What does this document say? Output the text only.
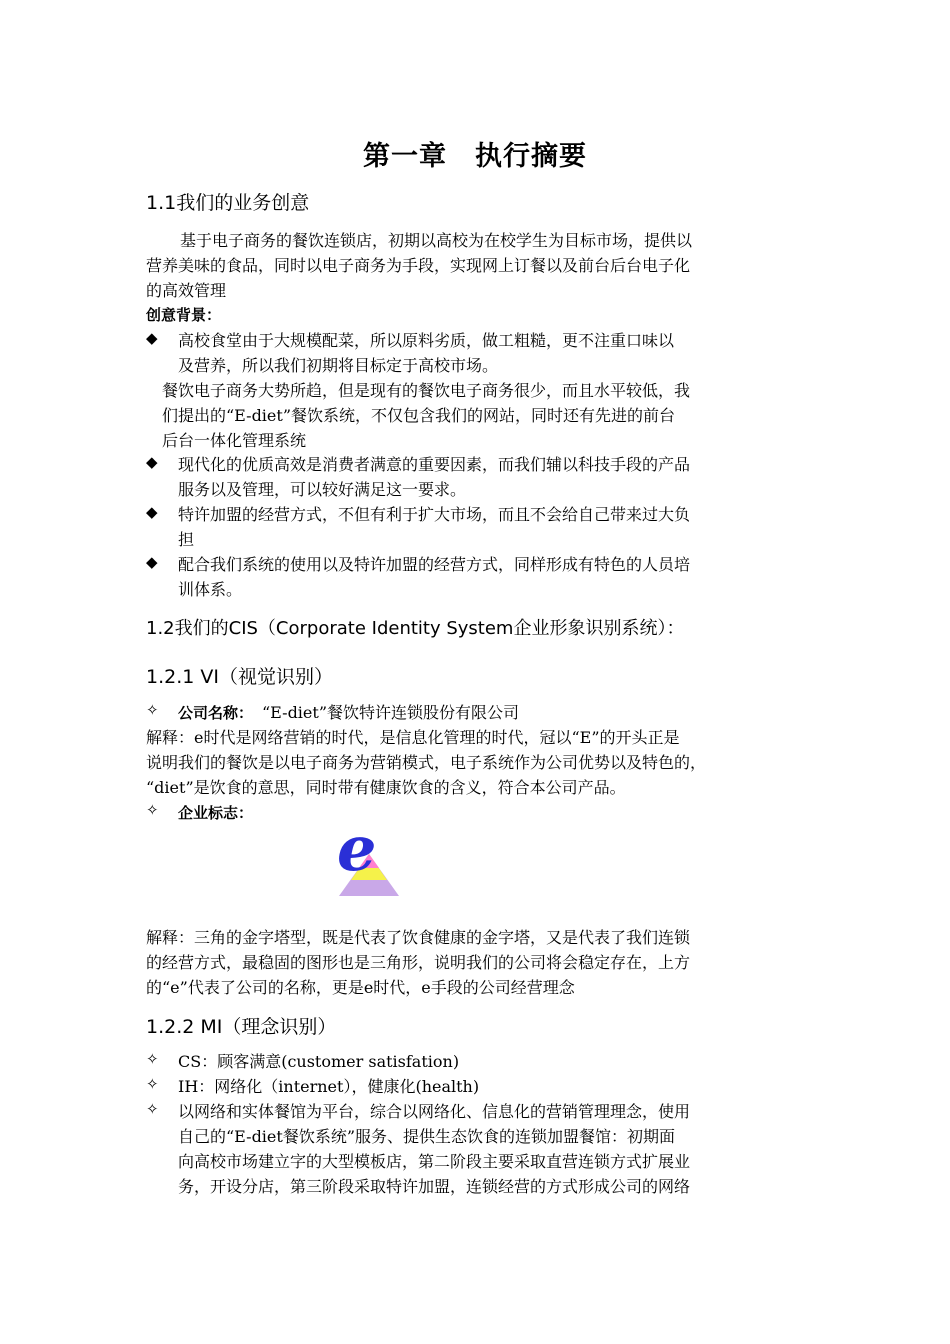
第一章　执行摘要
1.1我们的业务创意
基于电子商务的餐饮连锁店，初期以高校为在校学生为目标市场，提供以
营养美味的食品，同时以电子商务为手段，实现网上订餐以及前台后台电子化
的高效管理
创意背景：
◆ 高校食堂由于大规模配菜，所以原料劣质，做工粗糙，更不注重口味以
及营养，所以我们初期将目标定于高校市场。
餐饮电子商务大势所趋，但是现有的餐饮电子商务很少，而且水平较低，我
们提出的“E-diet”餐饮系统，不仅包含我们的网站，同时还有先进的前台
后台一体化管理系统
◆ 现代化的优质高效是消费者满意的重要因素，而我们辅以科技手段的产品
服务以及管理，可以较好满足这一要求。
◆ 特许加盟的经营方式，不但有利于扩大市场，而且不会给自己带来过大负
担
◆ 配合我们系统的使用以及特许加盟的经营方式，同样形成有特色的人员培
训体系。
1.2我们的CIS（Corporate Identity System企业形象识别系统）：
1.2.1 VI（视觉识别）
✧ 公司名称： “E-diet”餐饮特许连锁股份有限公司
解释：e时代是网络营销的时代，是信息化管理的时代，冠以“E”的开头正是
说明我们的餐饮是以电子商务为营销模式，电子系统作为公司优势以及特色的，
“diet”是饮食的意思，同时带有健康饮食的含义，符合本公司产品。
✧ 企业标志： e
解释：三角的金字塔型，既是代表了饮食健康的金字塔，又是代表了我们连锁
的经营方式，最稳固的图形也是三角形，说明我们的公司将会稳定存在，上方
的“e”代表了公司的名称，更是e时代，e手段的公司经营理念
1.2.2 MI（理念识别）
✧ CS：顾客满意(customer satisfation)
✧ IH：网络化（internet），健康化(health)
✧ 以网络和实体餐馆为平台，综合以网络化、信息化的营销管理理念，使用
自己的“E-diet餐饮系统”服务、提供生态饮食的连锁加盟餐馆：初期面
向高校市场建立字的大型模板店，第二阶段主要采取直营连锁方式扩展业
务，开设分店，第三阶段采取特许加盟，连锁经营的方式形成公司的网络
